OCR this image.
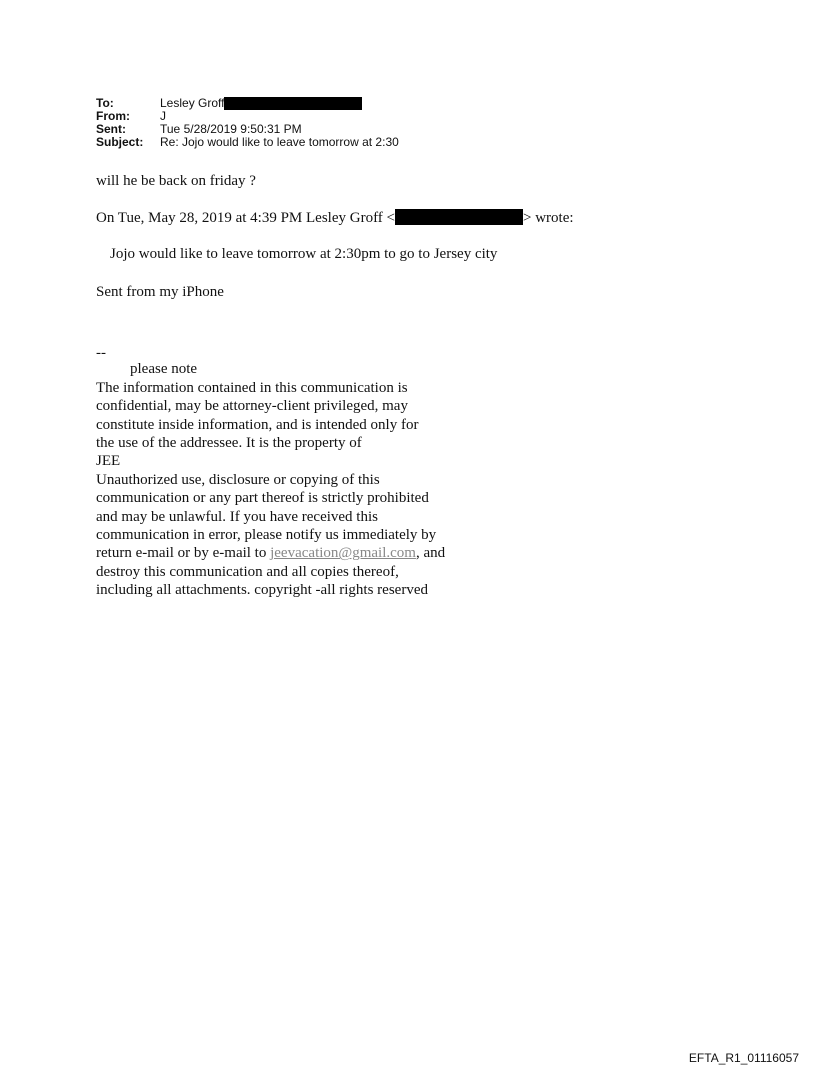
To:	Lesley Groff
From:	J
Sent:	Tue 5/28/2019 9:50:31 PM
Subject:	Re: Jojo would like to leave tomorrow at 2:30
will he be back on friday ?
On Tue, May 28, 2019 at 4:39 PM Lesley Groff <	> wrote:
Jojo would like to leave tomorrow at 2:30pm to go to Jersey city
Sent from my iPhone
--
please note
The information contained in this communication is
confidential, may be attorney-client privileged, may
constitute inside information, and is intended only for
the use of the addressee. It is the property of
JEE
Unauthorized use, disclosure or copying of this
communication or any part thereof is strictly prohibited
and may be unlawful. If you have received this
communication in error, please notify us immediately by
return e-mail or by e-mail to jeevacation@gmail.com, and
destroy this communication and all copies thereof,
including all attachments. copyright -all rights reserved
EFTA_R1_01116057
